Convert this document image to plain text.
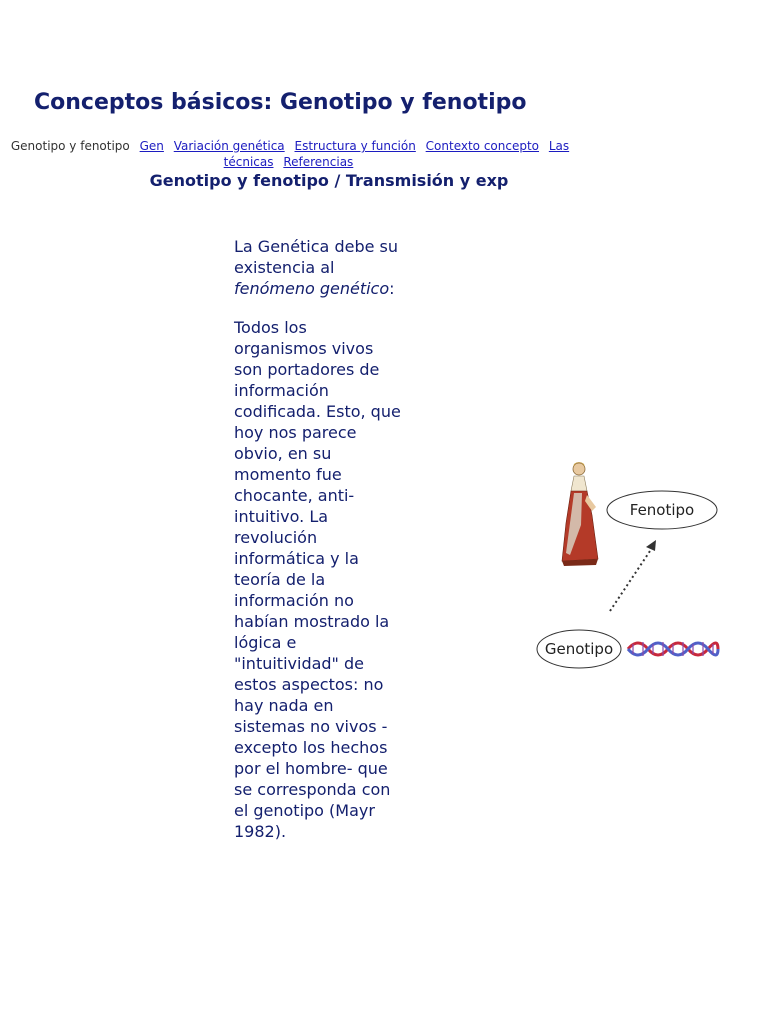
Conceptos básicos: Genotipo y fenotipo
Genotipo y fenotipo Gen Variación genética Estructura y función Contexto concepto Las técnicas Referencias
Genotipo y fenotipo / Transmisión y exp

La Genética debe su existencia al fenómeno genético:

Todos los organismos vivos son portadores de información codificada. Esto, que hoy nos parece obvio, en su momento fue chocante, anti-intuitivo. La revolución informática y la teoría de la información no habían mostrado la lógica e "intuitividad" de estos aspectos: no hay nada en sistemas no vivos -excepto los hechos por el hombre- que se corresponda con el genotipo (Mayr 1982).

Fenotipo
Genotipo
